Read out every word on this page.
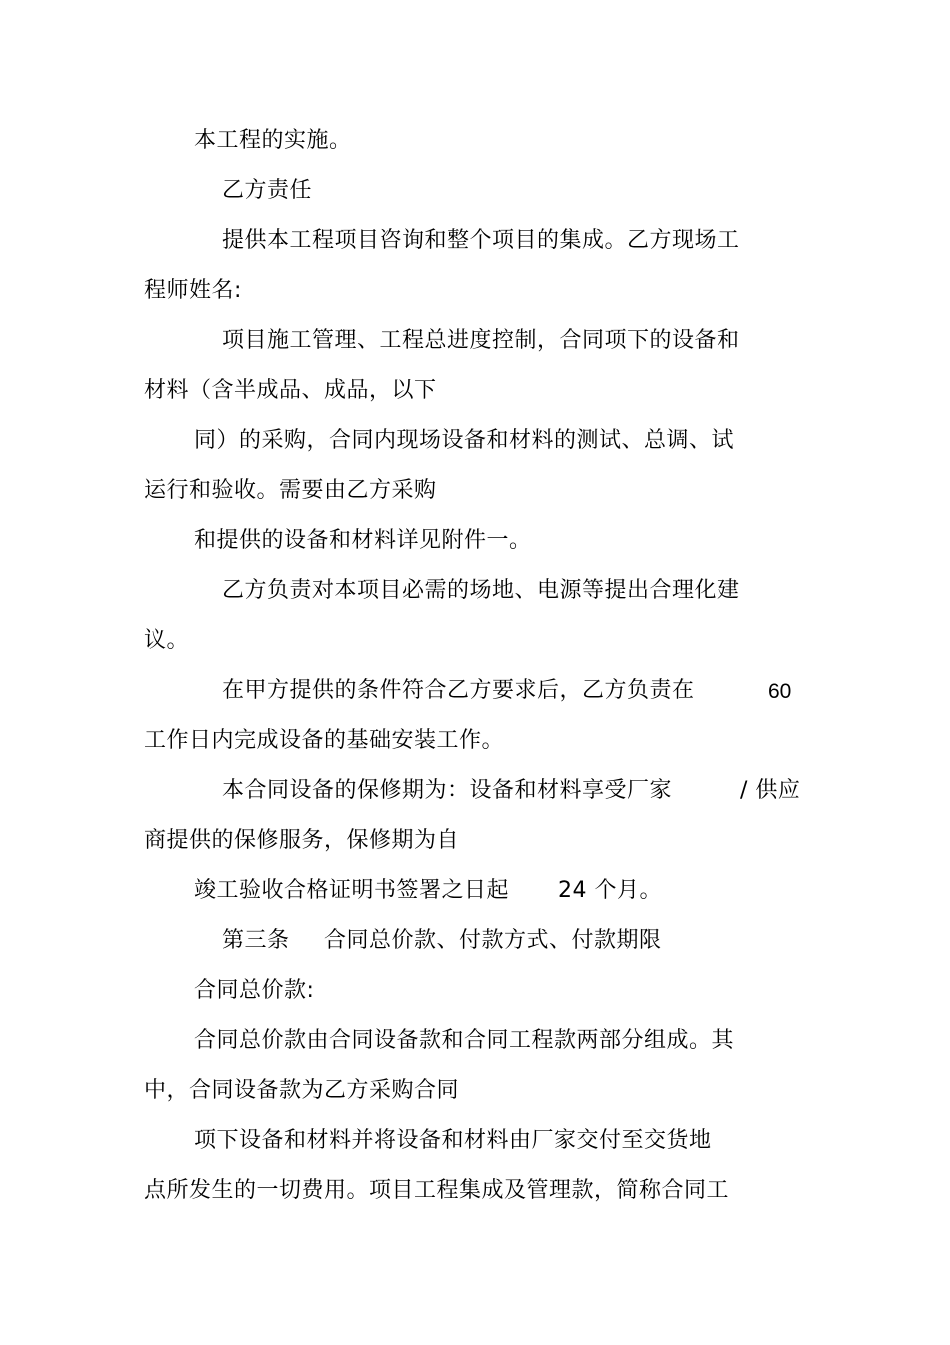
本工程的实施。
乙方责任
提供本工程项目咨询和整个项目的集成。乙方现场工
程师姓名:
项目施工管理、工程总进度控制，合同项下的设备和
材料（含半成品、成品，以下
同）的采购，合同内现场设备和材料的测试、总调、试
运行和验收。需要由乙方采购
和提供的设备和材料详见附件一。
乙方负责对本项目必需的场地、电源等提出合理化建
议。
在甲方提供的条件符合乙方要求后，乙方负责在	60
工作日内完成设备的基础安装工作。
本合同设备的保修期为：设备和材料享受厂家	/ 供应
商提供的保修服务，保修期为自
竣工验收合格证明书签署之日起 24 个月。
第三条 合同总价款、付款方式、付款期限
合同总价款:
合同总价款由合同设备款和合同工程款两部分组成。其
中，合同设备款为乙方采购合同
项下设备和材料并将设备和材料由厂家交付至交货地
点所发生的一切费用。项目工程集成及管理款，简称合同工
